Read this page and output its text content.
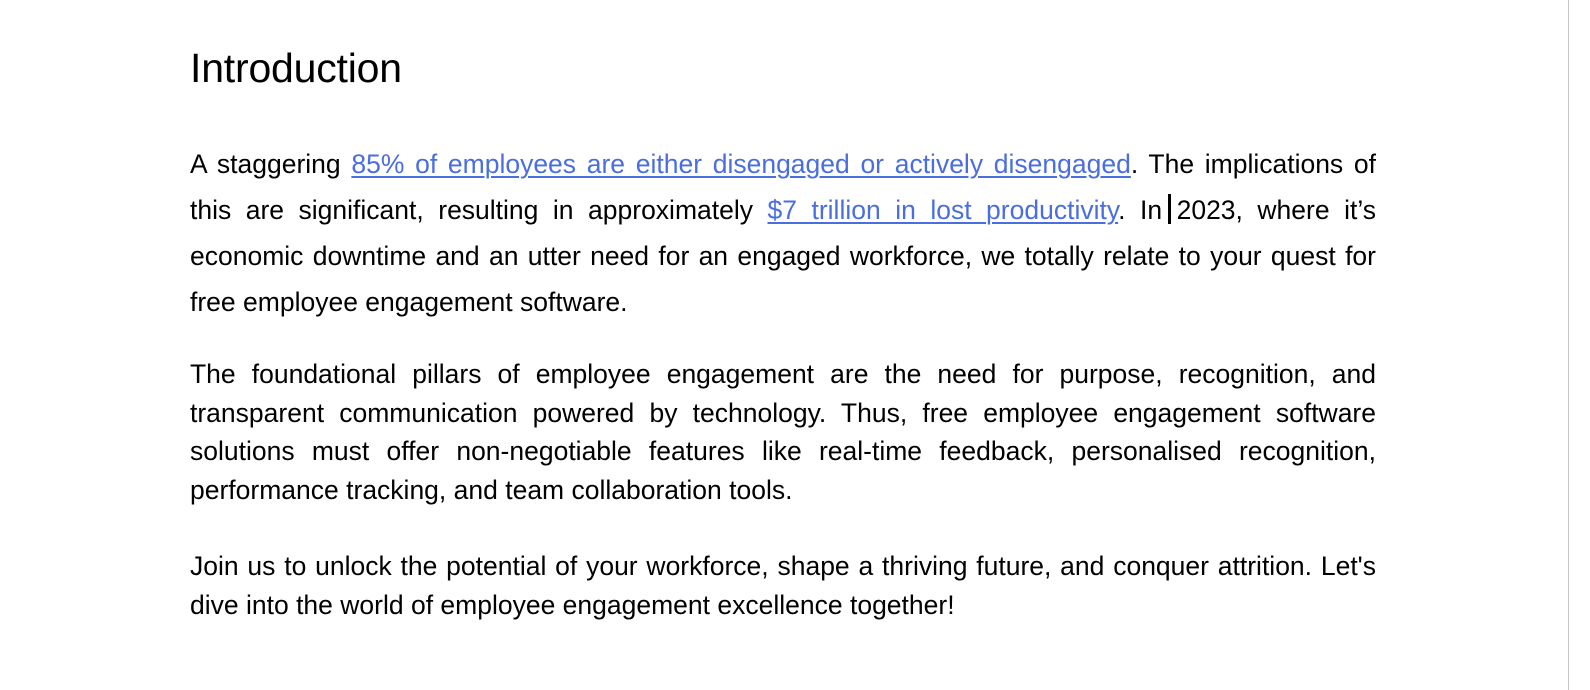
Introduction

A staggering 85% of employees are either disengaged or actively disengaged. The implications of this are significant, resulting in approximately $7 trillion in lost productivity. In 2023, where it’s economic downtime and an utter need for an engaged workforce, we totally relate to your quest for free employee engagement software.

The foundational pillars of employee engagement are the need for purpose, recognition, and transparent communication powered by technology. Thus, free employee engagement software solutions must offer non-negotiable features like real-time feedback, personalised recognition, performance tracking, and team collaboration tools.

Join us to unlock the potential of your workforce, shape a thriving future, and conquer attrition. Let's dive into the world of employee engagement excellence together!
